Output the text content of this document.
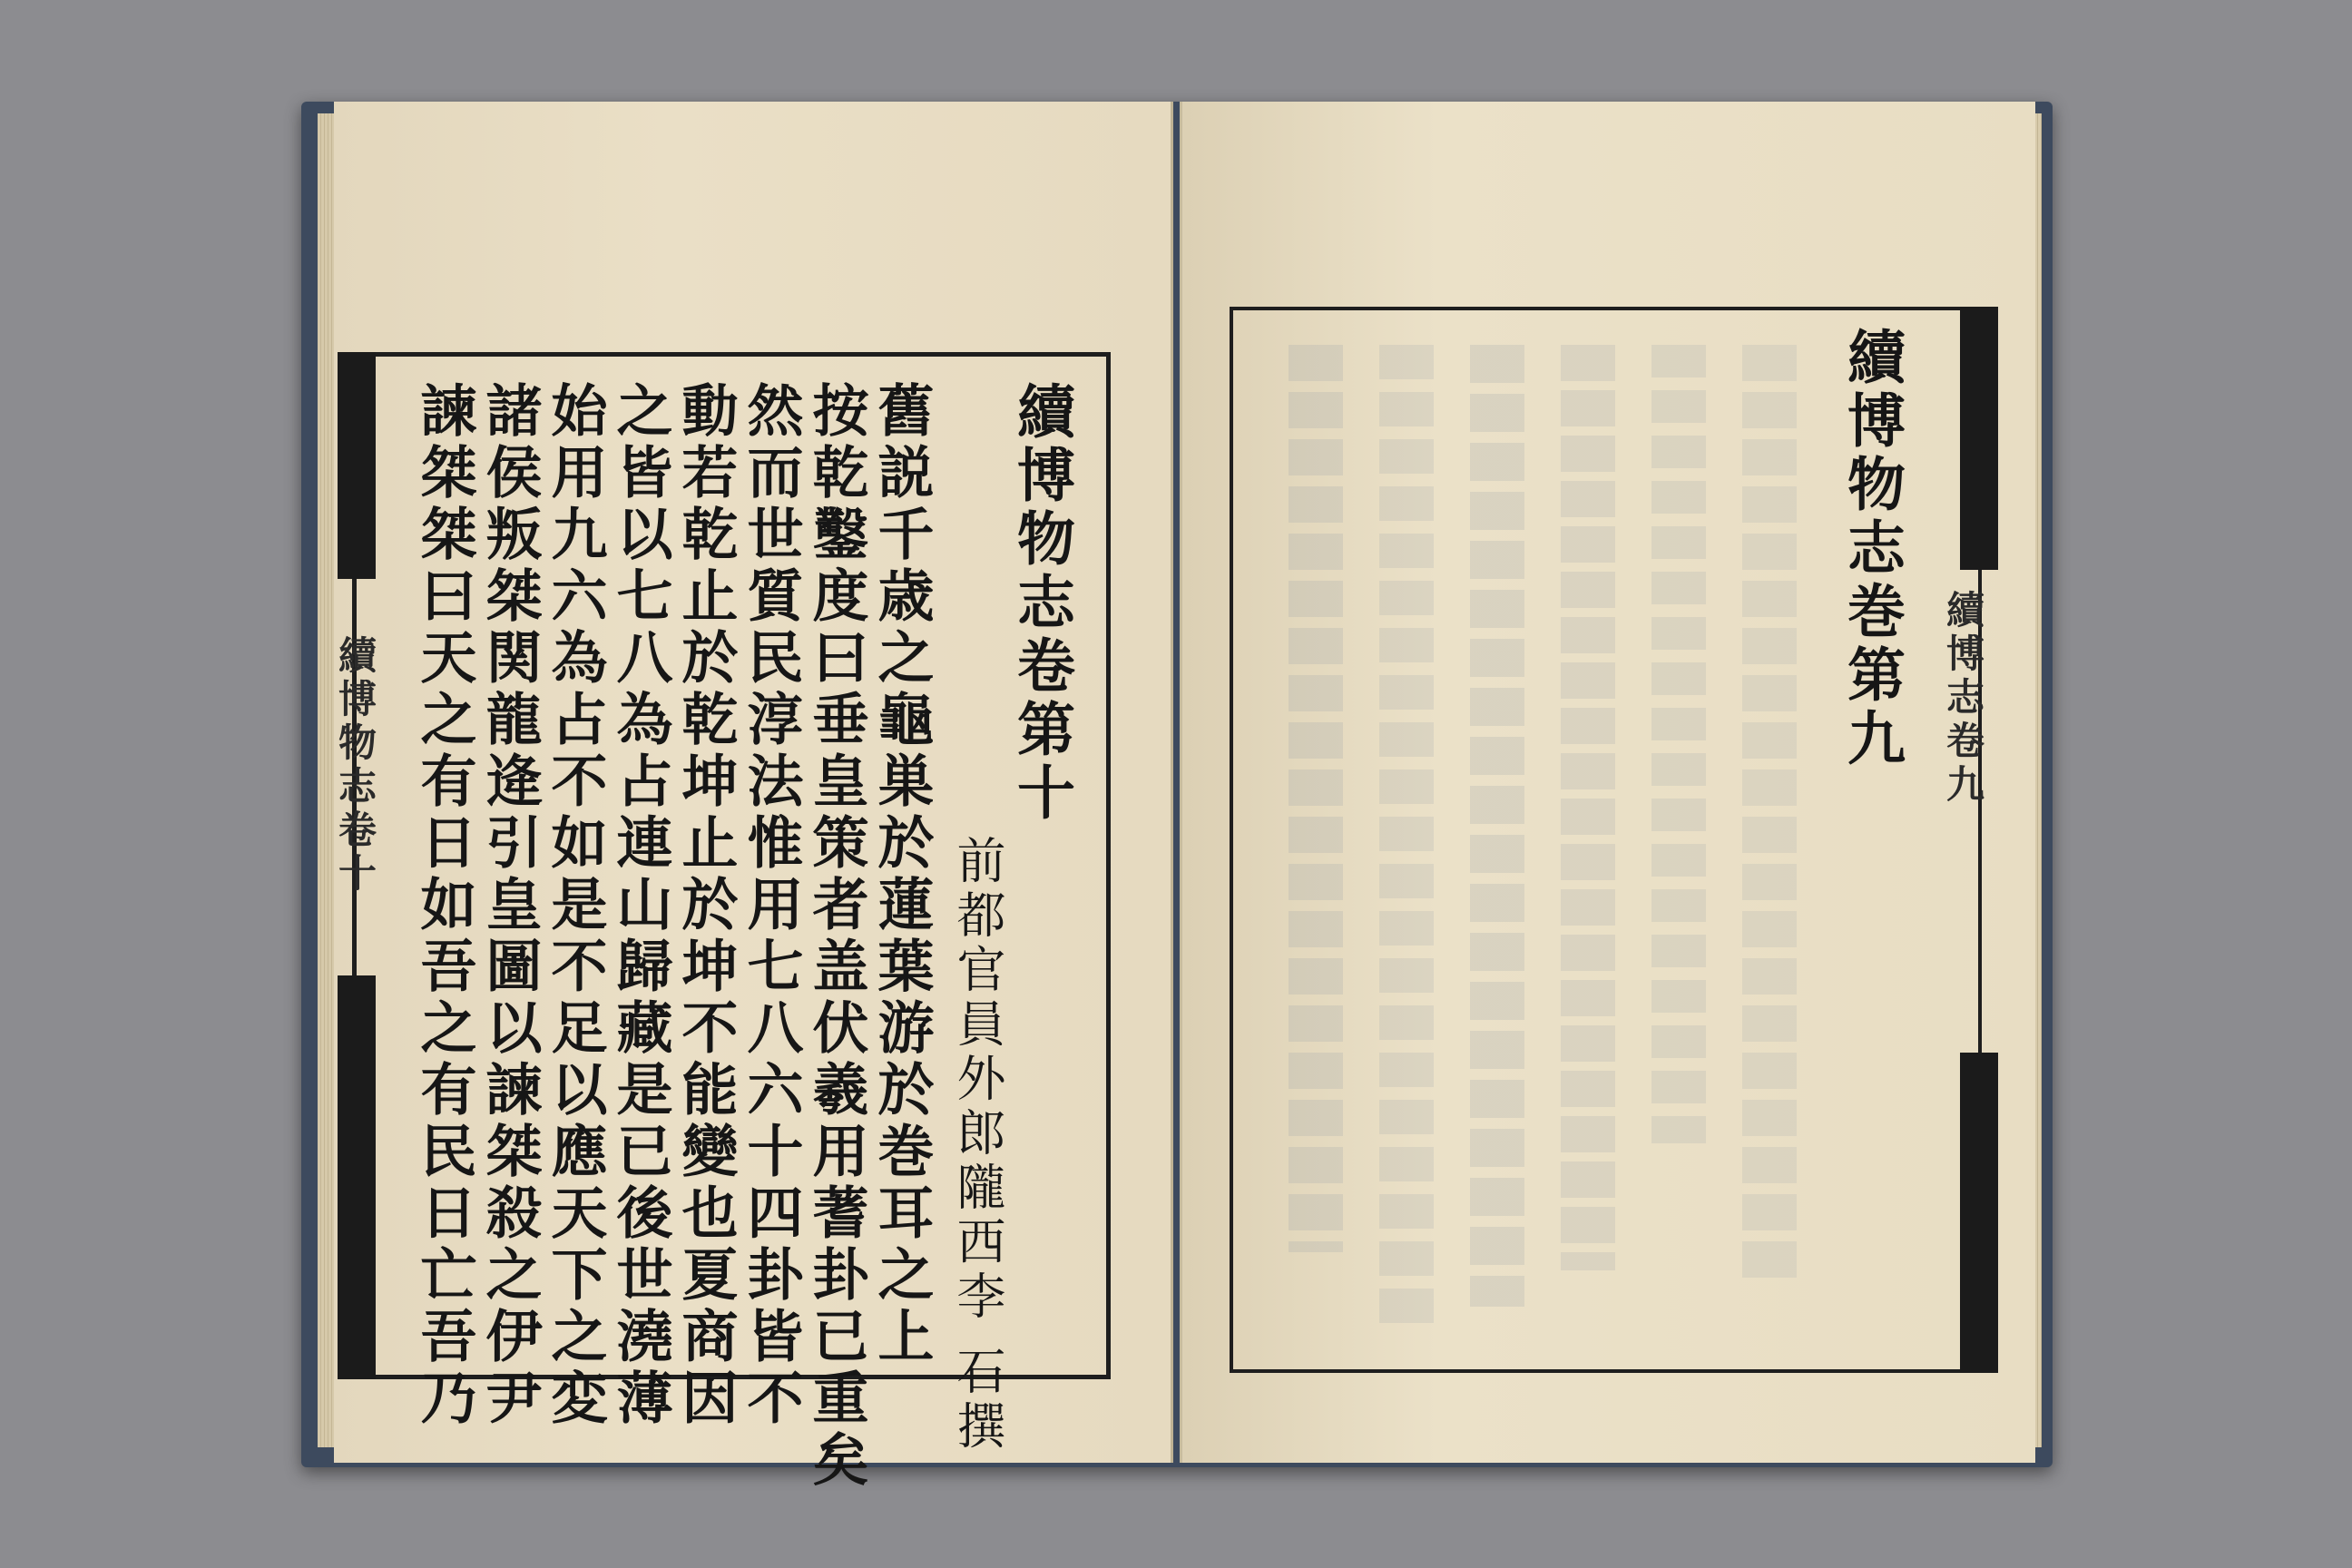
續博物志卷十	續博物志卷第十
前都官員外郎隴西李 石撰
舊説千歳之龜巣於蓮葉游於巻耳之上
按乾鑿度曰垂皇策者盖伏羲用蓍卦已重矣
然而世質民淳法惟用七八六十四卦皆不
動若乾止於乾坤止於坤不能變也夏商因
之皆以七八為占連山歸藏是已後世澆薄
始用九六為占不如是不足以應天下之変
諸侯叛桀関龍逄引皇圖以諫桀殺之伊尹
諫桀桀曰天之有日如吾之有民日亡吾乃	續博志卷九
續博物志巻第九
